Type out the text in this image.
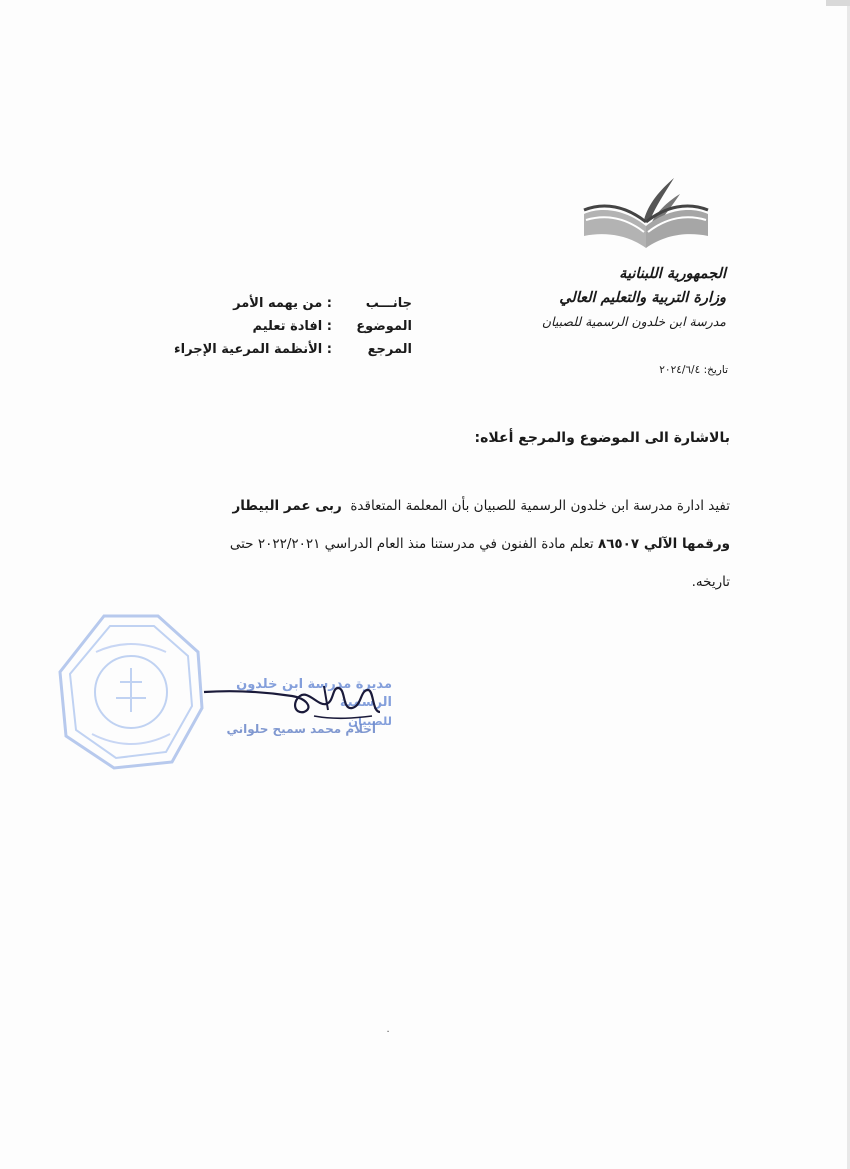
الجمهورية اللبنانية
وزارة التربية والتعليم العالي
مدرسة ابن خلدون الرسمية للصبيان
جانـــب
: من يهمه الأمر
الموضوع
: افادة تعليم
المرجع
: الأنظمة المرعية الإجراء
تاريخ: ٢٠٢٤/٦/٤
بالاشارة الى الموضوع والمرجع أعلاه:

تفيد ادارة مدرسة ابن خلدون الرسمية للصبيان بأن المعلمة المتعاقدة  ربى عمر البيطار

ورقمها الآلي ٨٦٥٠٧ تعلم مادة الفنون في مدرستنا منذ العام الدراسي ٢٠٢٢/٢٠٢١ حتى

تاريخه.

مديرة مدرسة ابن خلدون الرسمية
للصبيان
أحلام محمد سميح حلواني
٠
